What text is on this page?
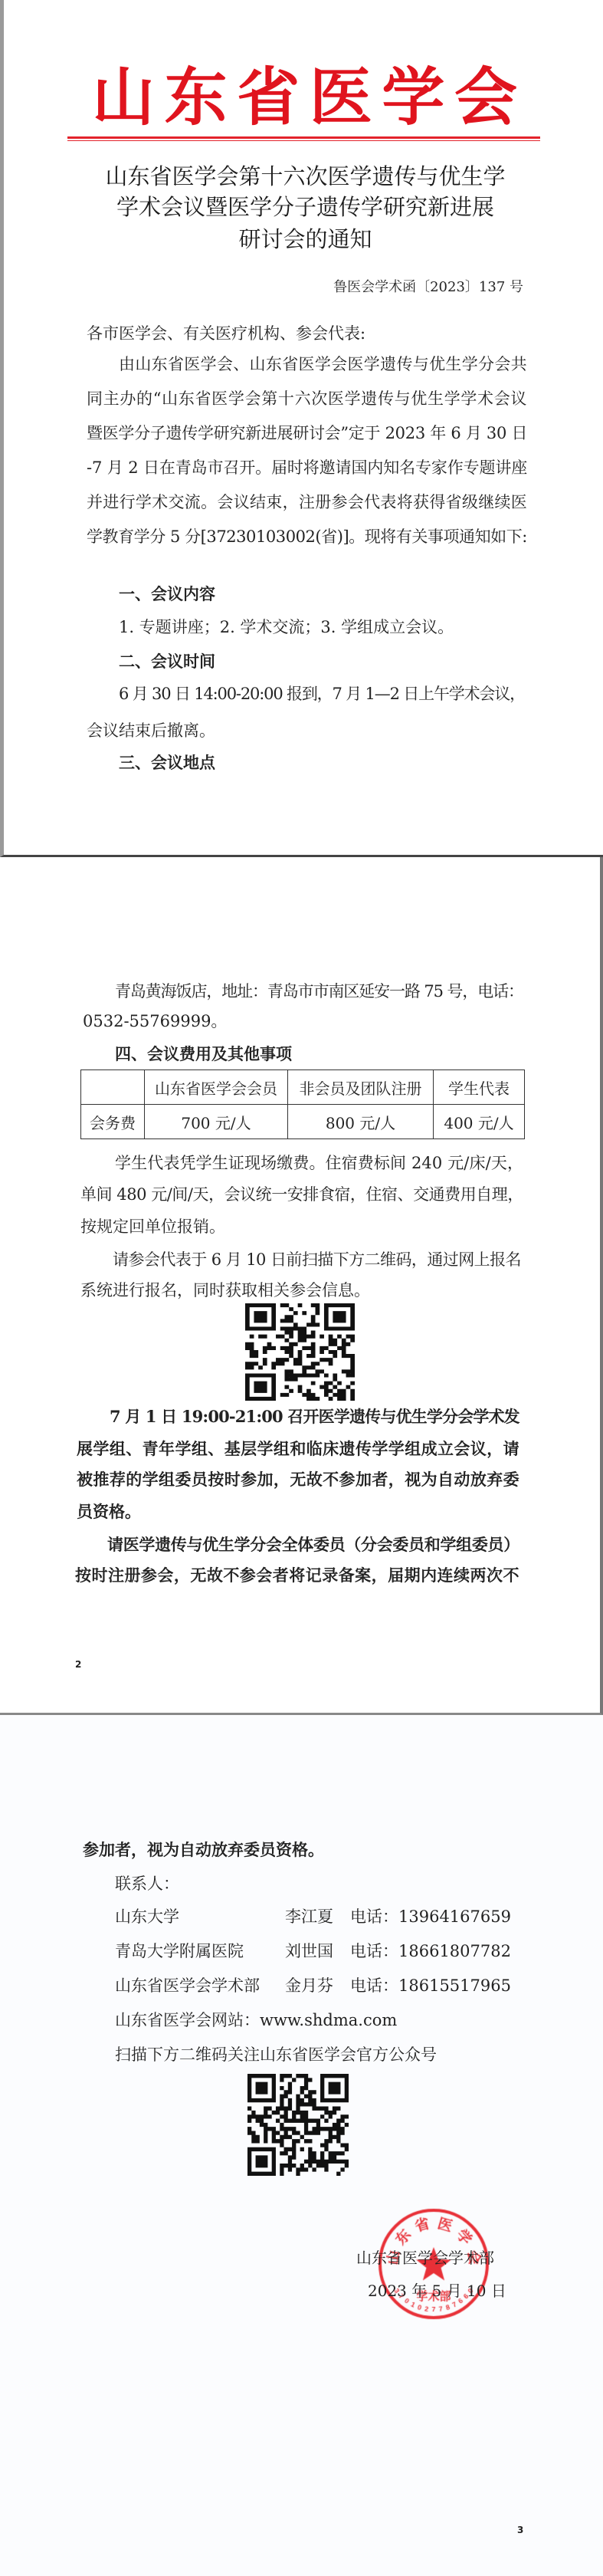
山东省医学会
山东省医学会第十六次医学遗传与优生学
学术会议暨医学分子遗传学研究新进展
研讨会的通知
鲁医会学术函〔2023〕137 号
各市医学会、有关医疗机构、参会代表:
由山东省医学会、山东省医学会医学遗传与优生学分会共
同主办的“山东省医学会第十六次医学遗传与优生学学术会议
暨医学分子遗传学研究新进展研讨会”定于 2023 年 6 月 30 日
-7 月 2 日在青岛市召开。届时将邀请国内知名专家作专题讲座
并进行学术交流。会议结束，注册参会代表将获得省级继续医
学教育学分 5 分[37230103002(省)]。现将有关事项通知如下:
一、会议内容
1. 专题讲座；2. 学术交流；3. 学组成立会议。
二、会议时间
6 月 30 日 14:00-20:00 报到，7 月 1—2 日上午学术会议，
会议结束后撤离。
三、会议地点
青岛黄海饭店，地址：青岛市市南区延安一路 75 号，电话：
0532-55769999。
四、会议费用及其他事项
	山东省医学会会员	非会员及团队注册	学生代表
会务费	700 元/人	800 元/人	400 元/人
学生代表凭学生证现场缴费。住宿费标间 240 元/床/天，
单间 480 元/间/天，会议统一安排食宿，住宿、交通费用自理，
按规定回单位报销。
请参会代表于 6 月 10 日前扫描下方二维码，通过网上报名
系统进行报名，同时获取相关参会信息。
7 月 1 日 19:00-21:00 召开医学遗传与优生学分会学术发
展学组、青年学组、基层学组和临床遗传学学组成立会议，请
被推荐的学组委员按时参加，无故不参加者，视为自动放弃委
员资格。
请医学遗传与优生学分会全体委员（分会委员和学组委员）
按时注册参会，无故不参会者将记录备案，届期内连续两次不
2
参加者，视为自动放弃委员资格。
联系人：
山东大学	李江夏 电话：13964167659
青岛大学附属医院	刘世国 电话：18661807782
山东省医学会学术部 金月芬 电话：18615517965
山东省医学会网站：www.shdma.com
扫描下方二维码关注山东省医学会官方公众号
山东省医学会学术部
2023 年 5 月 10 日
3
